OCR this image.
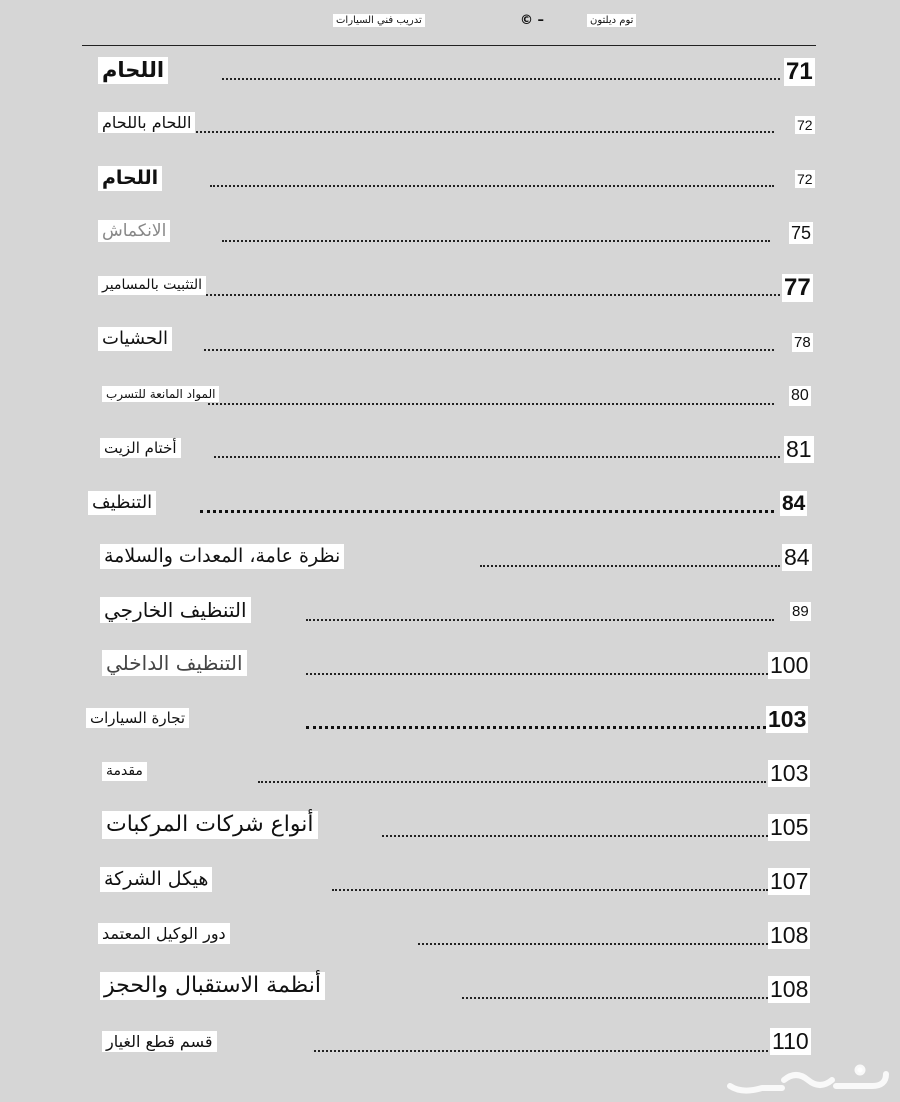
تدريب فني السيارات	© –	توم ديلتون
اللحام	71
اللحام باللحام	72
اللحام	72
الانكماش	75
التثبيت بالمسامير	77
الحشيات	78
المواد المانعة للتسرب	80
أختام الزيت	81
التنظيف	84
نظرة عامة، المعدات والسلامة	84
التنظيف الخارجي	89
التنظيف الداخلي	100
تجارة السيارات	103
مقدمة	103
أنواع شركات المركبات	105
هيكل الشركة	107
دور الوكيل المعتمد	108
أنظمة الاستقبال والحجز	108
قسم قطع الغيار	110
